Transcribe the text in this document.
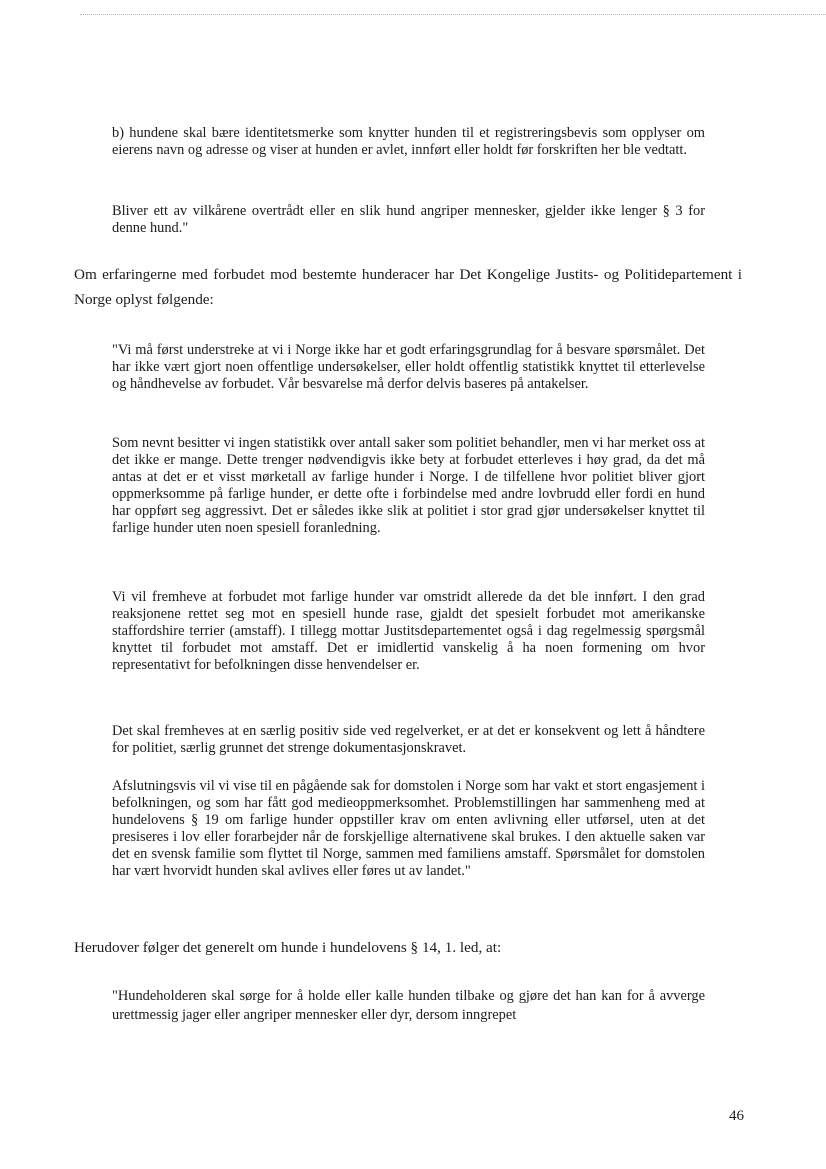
b) hundene skal bære identitetsmerke som knytter hunden til et registreringsbevis som opplyser om eierens navn og adresse og viser at hunden er avlet, innført eller holdt før forskriften her ble vedtatt.

Bliver ett av vilkårene overtrådt eller en slik hund angriper mennesker, gjelder ikke lenger § 3 for denne hund."

Om erfaringerne med forbudet mod bestemte hunderacer har Det Kongelige Justits- og Politidepartement i Norge oplyst følgende:

"Vi må først understreke at vi i Norge ikke har et godt erfaringsgrundlag for å besvare spørsmålet. Det har ikke vært gjort noen offentlige undersøkelser, eller holdt offentlig statistikk knyttet til etterlevelse og håndhevelse av forbudet. Vår besvarelse må derfor delvis baseres på antakelser.

Som nevnt besitter vi ingen statistikk over antall saker som politiet behandler, men vi har merket oss at det ikke er mange. Dette trenger nødvendigvis ikke bety at forbudet etterleves i høy grad, da det må antas at det er et visst mørketall av farlige hunder i Norge. I de tilfellene hvor politiet bliver gjort oppmerksomme på farlige hunder, er dette ofte i forbindelse med andre lovbrudd eller fordi en hund har oppført seg aggressivt. Det er således ikke slik at politiet i stor grad gjør undersøkelser knyttet til farlige hunder uten noen spesiell foranledning.

Vi vil fremheve at forbudet mot farlige hunder var omstridt allerede da det ble innført. I den grad reaksjonene rettet seg mot en spesiell hunde rase, gjaldt det spesielt forbudet mot amerikanske staffordshire terrier (amstaff). I tillegg mottar Justitsdepartementet også i dag regelmessig spørgsmål knyttet til forbudet mot amstaff. Det er imidlertid vanskelig å ha noen formening om hvor representativt for befolkningen disse henvendelser er.

Det skal fremheves at en særlig positiv side ved regelverket, er at det er konsekvent og lett å håndtere for politiet, særlig grunnet det strenge dokumentasjonskravet.

Afslutningsvis vil vi vise til en pågående sak for domstolen i Norge som har vakt et stort engasjement i befolkningen, og som har fått god medieoppmerksomhet. Problemstillingen har sammenheng med at hundelovens § 19 om farlige hunder oppstiller krav om enten avlivning eller utførsel, uten at det presiseres i lov eller forarbejder når de forskjellige alternativene skal brukes. I den aktuelle saken var det en svensk familie som flyttet til Norge, sammen med familiens amstaff. Spørsmålet for domstolen har vært hvorvidt hunden skal avlives eller føres ut av landet."

Herudover følger det generelt om hunde i hundelovens § 14, 1. led, at:

"Hundeholderen skal sørge for å holde eller kalle hunden tilbake og gjøre det han kan for å avverge urettmessig jager eller angriper mennesker eller dyr, dersom inngrepet

46
